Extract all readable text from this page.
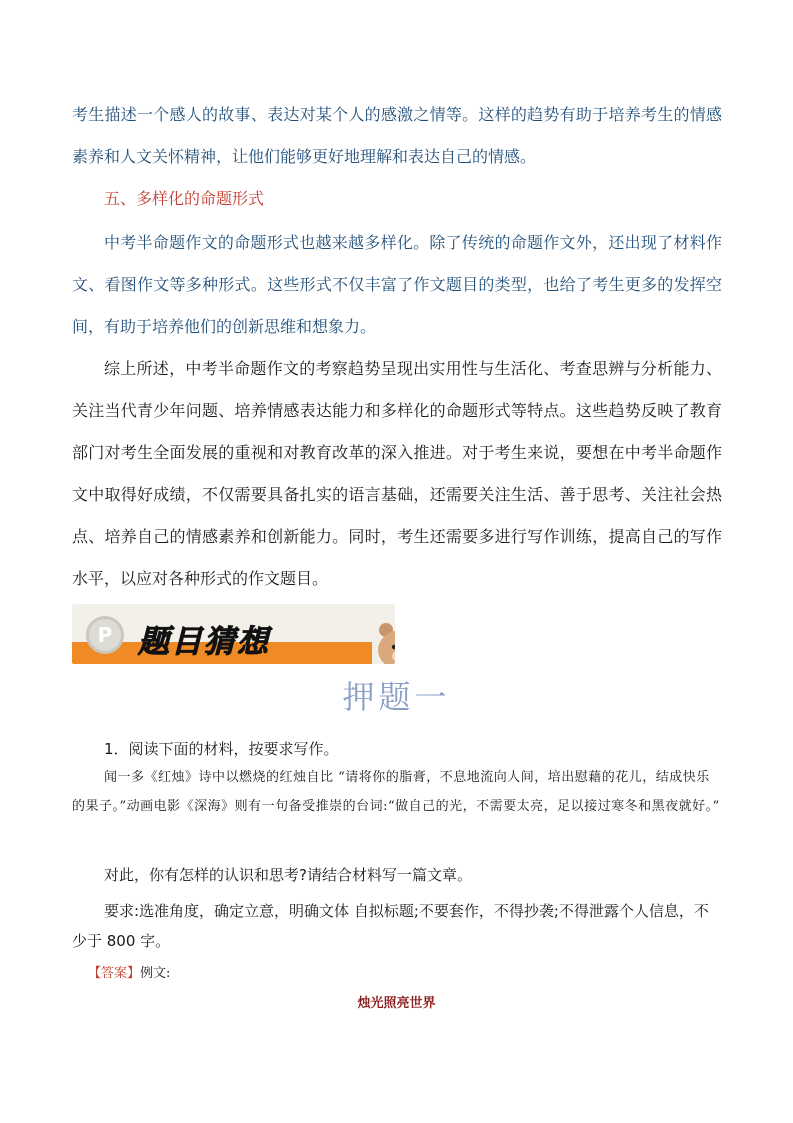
考生描述一个感人的故事、表达对某个人的感激之情等。这样的趋势有助于培养考生的情感素养和人文关怀精神，让他们能够更好地理解和表达自己的情感。

五、多样化的命题形式

中考半命题作文的命题形式也越来越多样化。除了传统的命题作文外，还出现了材料作文、看图作文等多种形式。这些形式不仅丰富了作文题目的类型，也给了考生更多的发挥空间，有助于培养他们的创新思维和想象力。

综上所述，中考半命题作文的考察趋势呈现出实用性与生活化、考查思辨与分析能力、关注当代青少年问题、培养情感表达能力和多样化的命题形式等特点。这些趋势反映了教育部门对考生全面发展的重视和对教育改革的深入推进。对于考生来说，要想在中考半命题作文中取得好成绩，不仅需要具备扎实的语言基础，还需要关注生活、善于思考、关注社会热点、培养自己的情感素养和创新能力。同时，考生还需要多进行写作训练，提高自己的写作水平，以应对各种形式的作文题目。

P 题目猜想
押题一

1．阅读下面的材料，按要求写作。

闻一多《红烛》诗中以燃烧的红烛自比 “请将你的脂膏，不息地流向人间，培出慰藉的花儿，结成快乐的果子。”动画电影《深海》则有一句备受推崇的台词:“做自己的光，不需要太亮，足以接过寒冬和黑夜就好。”

对此，你有怎样的认识和思考?请结合材料写一篇文章。

要求:选准角度，确定立意，明确文体 自拟标题;不要套作，不得抄袭;不得泄露个人信息，不少于 800 字。

【答案】例文:

烛光照亮世界
